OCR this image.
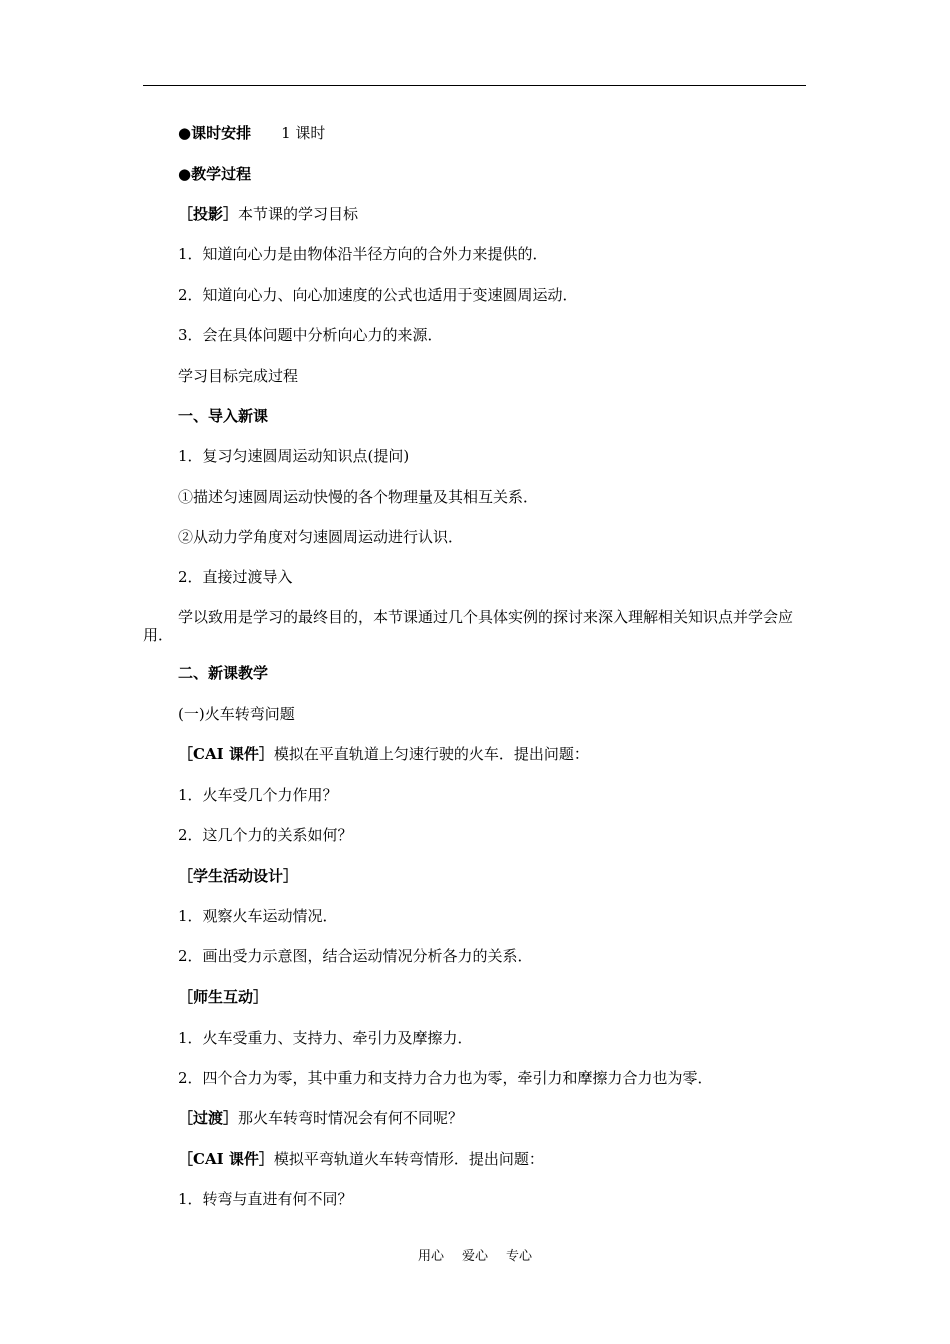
●课时安排 1 课时
●教学过程
［投影］本节课的学习目标
1．知道向心力是由物体沿半径方向的合外力来提供的．
2．知道向心力、向心加速度的公式也适用于变速圆周运动．
3．会在具体问题中分析向心力的来源．
学习目标完成过程
一、导入新课
1．复习匀速圆周运动知识点(提问)
①描述匀速圆周运动快慢的各个物理量及其相互关系．
②从动力学角度对匀速圆周运动进行认识．
2．直接过渡导入
学以致用是学习的最终目的，本节课通过几个具体实例的探讨来深入理解相关知识点并学会应用．
二、新课教学
(一)火车转弯问题
［CAI 课件］模拟在平直轨道上匀速行驶的火车．提出问题：
1．火车受几个力作用？
2．这几个力的关系如何？
［学生活动设计］
1．观察火车运动情况．
2．画出受力示意图，结合运动情况分析各力的关系．
［师生互动］
1．火车受重力、支持力、牵引力及摩擦力．
2．四个合力为零，其中重力和支持力合力也为零，牵引力和摩擦力合力也为零．
［过渡］那火车转弯时情况会有何不同呢？
［CAI 课件］模拟平弯轨道火车转弯情形．提出问题：
1．转弯与直进有何不同？
用心 爱心 专心
